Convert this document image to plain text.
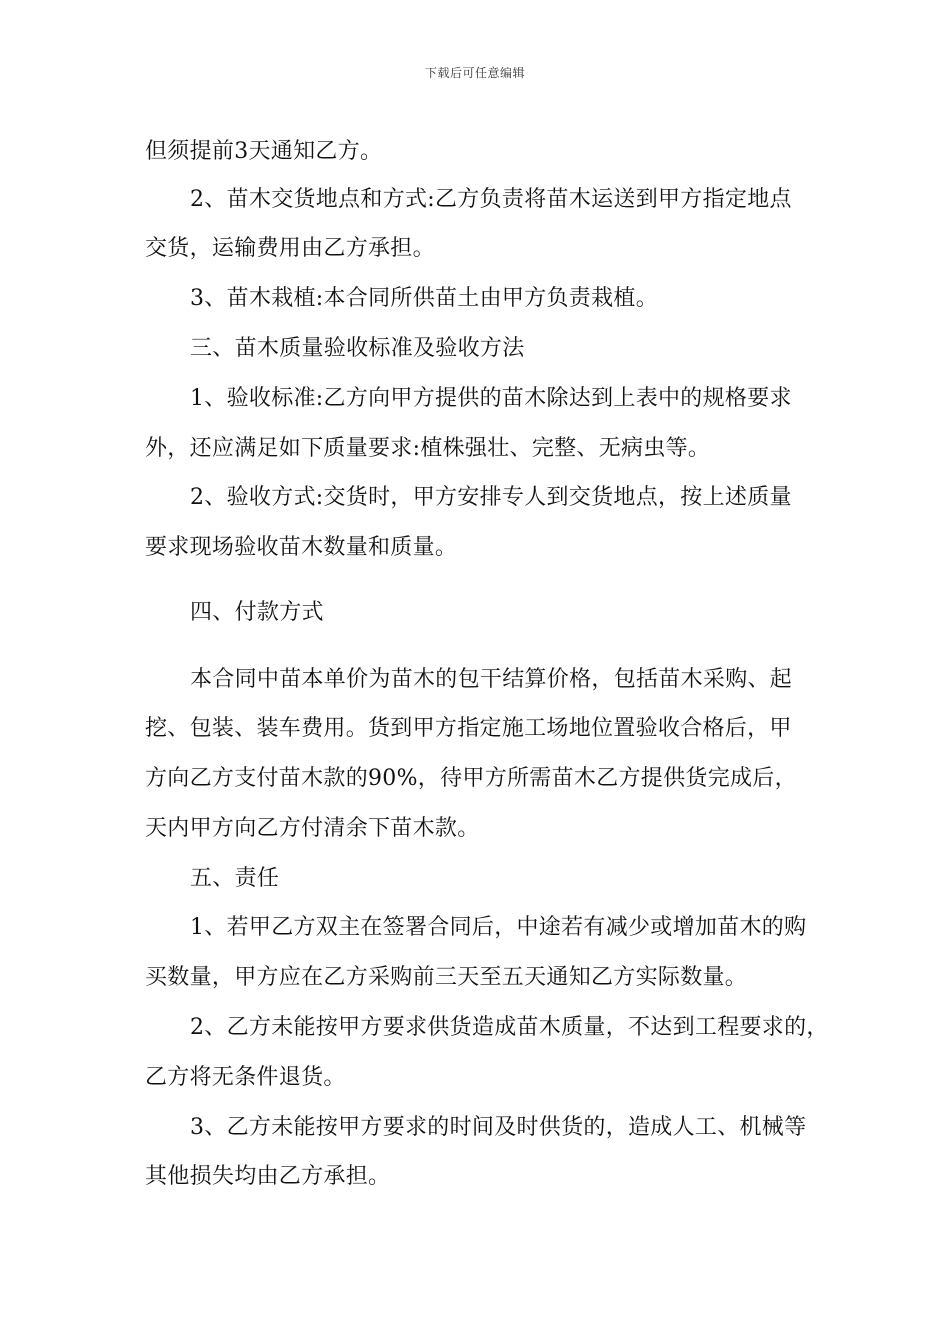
下载后可任意编辑
但须提前3天通知乙方。
2、苗木交货地点和方式:乙方负责将苗木运送到甲方指定地点
交货，运输费用由乙方承担。
3、苗木栽植:本合同所供苗土由甲方负责栽植。
三、苗木质量验收标准及验收方法
1、验收标准:乙方向甲方提供的苗木除达到上表中的规格要求
外，还应满足如下质量要求:植株强壮、完整、无病虫等。
2、验收方式:交货时，甲方安排专人到交货地点，按上述质量
要求现场验收苗木数量和质量。
四、付款方式
本合同中苗本单价为苗木的包干结算价格，包括苗木采购、起
挖、包装、装车费用。货到甲方指定施工场地位置验收合格后，甲
方向乙方支付苗木款的90%，待甲方所需苗木乙方提供货完成后，
天内甲方向乙方付清余下苗木款。
五、责任
1、若甲乙方双主在签署合同后，中途若有减少或增加苗木的购
买数量，甲方应在乙方采购前三天至五天通知乙方实际数量。
2、乙方未能按甲方要求供货造成苗木质量，不达到工程要求的，
乙方将无条件退货。
3、乙方未能按甲方要求的时间及时供货的，造成人工、机械等
其他损失均由乙方承担。
